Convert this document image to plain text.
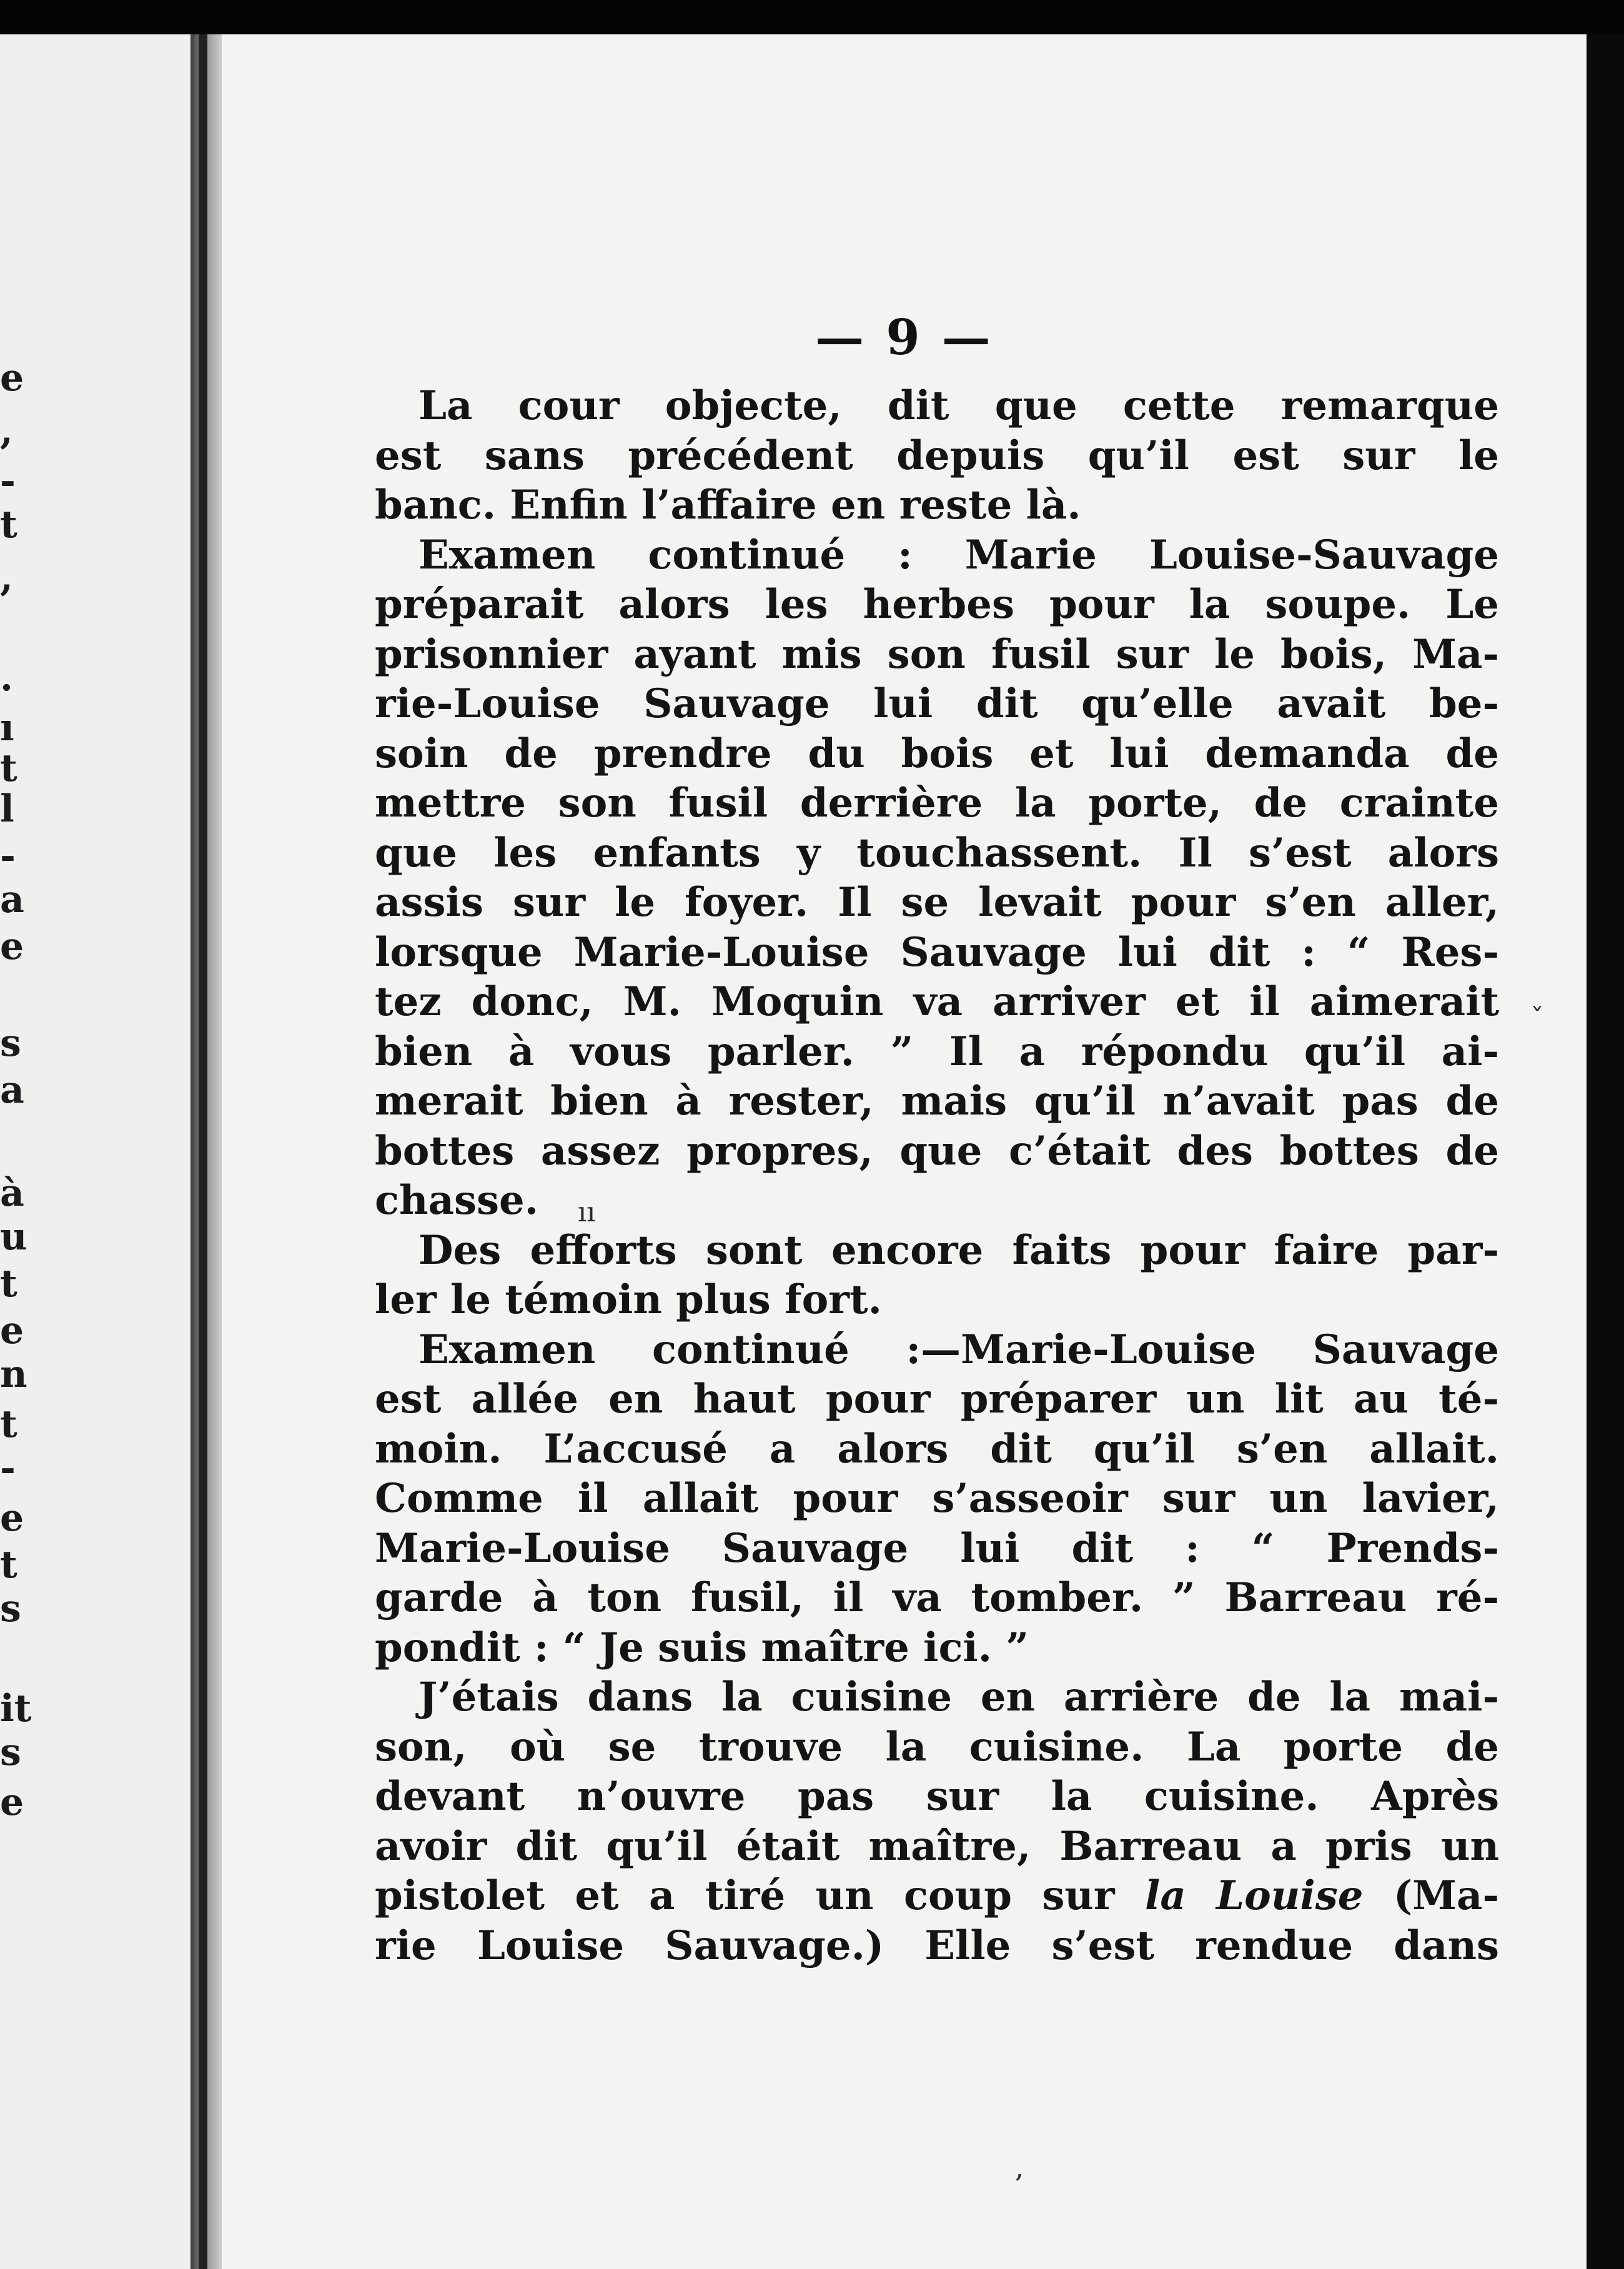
e
,
-
t
,
.
ı
t
l
-
a
e
s
a
à
u
t
e
n
t
-
e
t
s
it
s
e
— 9 —
La cour objecte, dit que cette remarque
est sans précédent depuis qu’il est sur le
banc. Enfin l’affaire en reste là.
Examen continué : Marie Louise-Sauvage
préparait alors les herbes pour la soupe. Le
prisonnier ayant mis son fusil sur le bois, Ma-
rie-Louise Sauvage lui dit qu’elle avait be-
soin de prendre du bois et lui demanda de
mettre son fusil derrière la porte, de crainte
que les enfants y touchassent. Il s’est alors
assis sur le foyer. Il se levait pour s’en aller,
lorsque Marie-Louise Sauvage lui dit : “ Res-
tez donc, M. Moquin va arriver et il aimerait
bien à vous parler. ” Il a répondu qu’il ai-
merait bien à rester, mais qu’il n’avait pas de
bottes assez propres, que c’était des bottes de
chasse.
Des efforts sont encore faits pour faire par-
ler le témoin plus fort.
Examen continué :—Marie-Louise Sauvage
est allée en haut pour préparer un lit au té-
moin. L’accusé a alors dit qu’il s’en allait.
Comme il allait pour s’asseoir sur un lavier,
Marie-Louise Sauvage lui dit : “ Prends-
garde à ton fusil, il va tomber. ” Barreau ré-
pondit : “ Je suis maître ici. ”
J’étais dans la cuisine en arrière de la mai-
son, où se trouve la cuisine. La porte de
devant n’ouvre pas sur la cuisine. Après
avoir dit qu’il était maître, Barreau a pris un
pistolet et a tiré un coup sur la Louise (Ma-
rie Louise Sauvage.) Elle s’est rendue dans
ıı
ˇ
,
